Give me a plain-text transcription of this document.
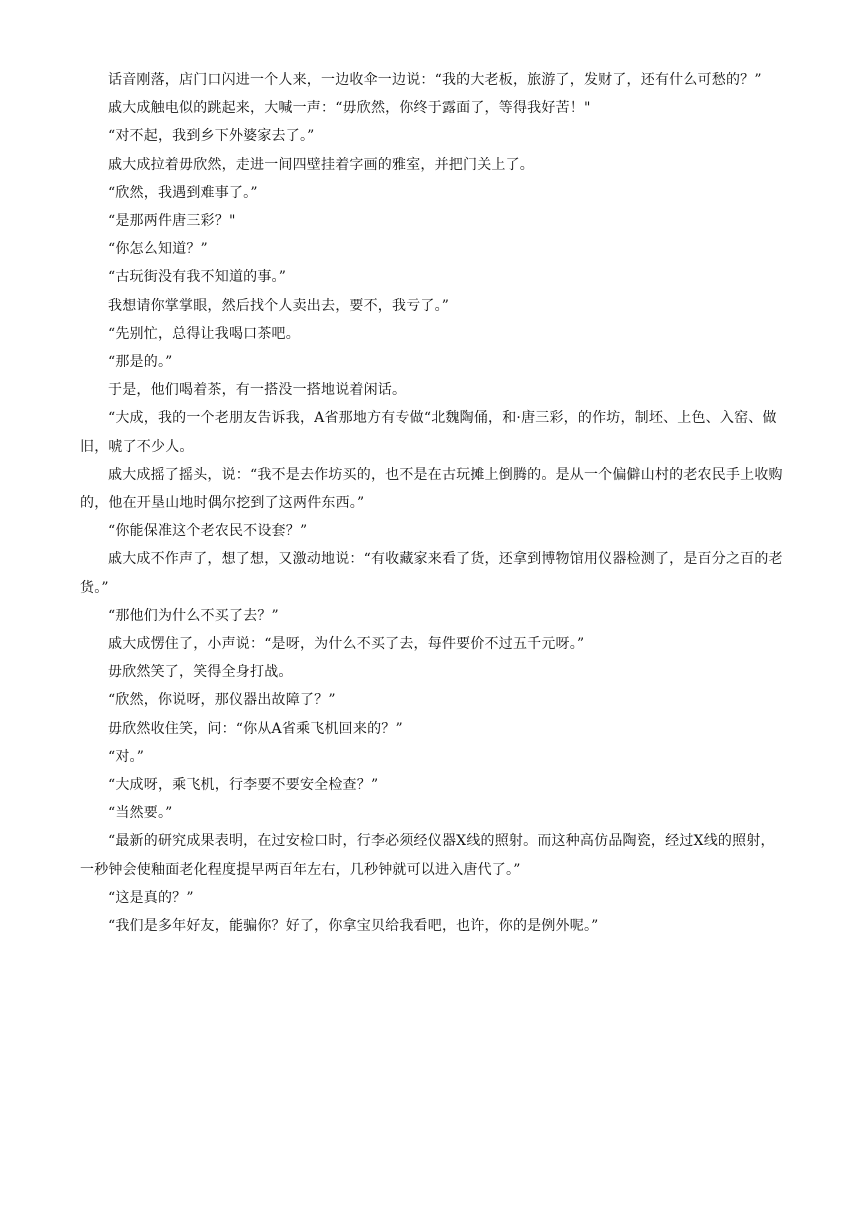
话音刚落，店门口闪进一个人来，一边收伞一边说：“我的大老板，旅游了，发财了，还有什么可愁的？”

戚大成触电似的跳起来，大喊一声：“毋欣然，你终于露面了，等得我好苦！"

“对不起，我到乡下外婆家去了。”

戚大成拉着毋欣然，走进一间四壁挂着字画的雅室，并把门关上了。

“欣然，我遇到难事了。”

“是那两件唐三彩？"

“你怎么知道？”

“古玩街没有我不知道的事。”

我想请你掌掌眼，然后找个人卖出去，要不，我亏了。”

“先别忙，总得让我喝口茶吧。

“那是的。”

于是，他们喝着茶，有一搭没一搭地说着闲话。

“大成，我的一个老朋友告诉我，A省那地方有专做“北魏陶俑，和·唐三彩，的作坊，制坯、上色、入窑、做旧，唬了不少人。

戚大成摇了摇头，说：“我不是去作坊买的，也不是在古玩摊上倒腾的。是从一个偏僻山村的老农民手上收购的，他在开垦山地时偶尔挖到了这两件东西。”

“你能保准这个老农民不设套？”

戚大成不作声了，想了想，又激动地说：“有收藏家来看了货，还拿到博物馆用仪器检测了，是百分之百的老货。”

“那他们为什么不买了去？”

戚大成愣住了，小声说：“是呀，为什么不买了去，每件要价不过五千元呀。”

毋欣然笑了，笑得全身打战。

“欣然，你说呀，那仪器出故障了？”

毋欣然收住笑，问：“你从A省乘飞机回来的？”

“对。”

“大成呀，乘飞机，行李要不要安全检查？”

“当然要。”

“最新的研究成果表明，在过安检口时，行李必须经仪器X线的照射。而这种高仿品陶瓷，经过X线的照射，一秒钟会使釉面老化程度提早两百年左右，几秒钟就可以进入唐代了。”

“这是真的？”

“我们是多年好友，能骗你？好了，你拿宝贝给我看吧，也许，你的是例外呢。”
